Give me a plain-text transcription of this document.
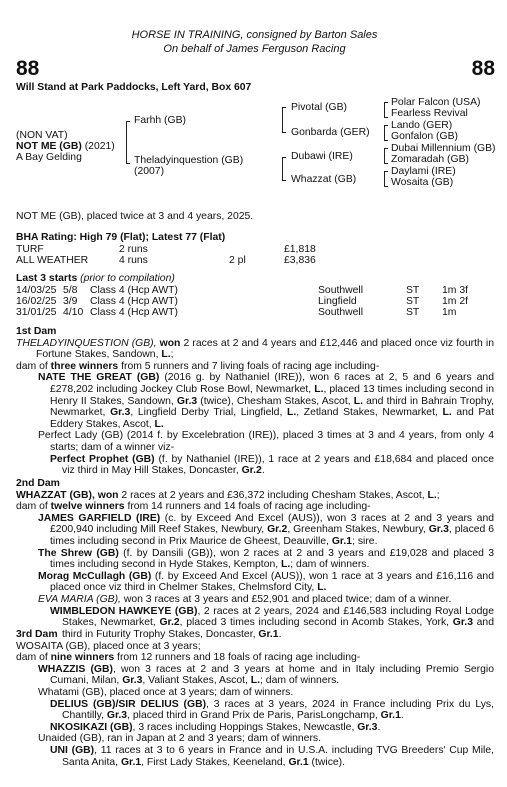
HORSE IN TRAINING, consigned by Barton Sales
On behalf of James Ferguson Racing
88	88
Will Stand at Park Paddocks, Left Yard, Box 607
(NON VAT)
NOT ME (GB) (2021)
A Bay Gelding
Farhh (GB)
Theladyinquestion (GB)
(2007)
Pivotal (GB)
Gonbarda (GER)
Dubawi (IRE)
Whazzat (GB)
Polar Falcon (USA)
Fearless Revival
Lando (GER)
Gonfalon (GB)
Dubai Millennium (GB)
Zomaradah (GB)
Daylami (IRE)
Wosaita (GB)
NOT ME (GB), placed twice at 3 and 4 years, 2025.
BHA Rating: High 79 (Flat); Latest 77 (Flat)
TURF	2 runs		£1,818
ALL WEATHER	4 runs	2 pl	£3,836
Last 3 starts (prior to compilation)
14/03/25	5/8	Class 4 (Hcp AWT)	Southwell	ST	1m 3f
16/02/25	3/9	Class 4 (Hcp AWT)	Lingfield	ST	1m 2f
31/01/25	4/10	Class 4 (Hcp AWT)	Southwell	ST	1m

1st Dam

THELADYINQUESTION (GB), won 2 races at 2 and 4 years and £12,446 and placed once viz fourth in Fortune Stakes, Sandown, L.;

dam of three winners from 5 runners and 7 living foals of racing age including-

NATE THE GREAT (GB) (2016 g. by Nathaniel (IRE)), won 6 races at 2, 5 and 6 years and £278,202 including Jockey Club Rose Bowl, Newmarket, L., placed 13 times including second in Henry II Stakes, Sandown, Gr.3 (twice), Chesham Stakes, Ascot, L. and third in Bahrain Trophy, Newmarket, Gr.3, Lingfield Derby Trial, Lingfield, L., Zetland Stakes, Newmarket, L. and Pat Eddery Stakes, Ascot, L.

Perfect Lady (GB) (2014 f. by Excelebration (IRE)), placed 3 times at 3 and 4 years, from only 4 starts; dam of a winner viz-

Perfect Prophet (GB) (f. by Nathaniel (IRE)), 1 race at 2 years and £18,684 and placed once viz third in May Hill Stakes, Doncaster, Gr.2.

2nd Dam

WHAZZAT (GB), won 2 races at 2 years and £36,372 including Chesham Stakes, Ascot, L.;

dam of twelve winners from 14 runners and 14 foals of racing age including-

JAMES GARFIELD (IRE) (c. by Exceed And Excel (AUS)), won 3 races at 2 and 3 years and £200,940 including Mill Reef Stakes, Newbury, Gr.2, Greenham Stakes, Newbury, Gr.3, placed 6 times including second in Prix Maurice de Gheest, Deauville, Gr.1; sire.

The Shrew (GB) (f. by Dansili (GB)), won 2 races at 2 and 3 years and £19,028 and placed 3 times including second in Hyde Stakes, Kempton, L.; dam of winners.

Morag McCullagh (GB) (f. by Exceed And Excel (AUS)), won 1 race at 3 years and £16,116 and placed once viz third in Chelmer Stakes, Chelmsford City, L.

EVA MARIA (GB), won 3 races at 3 years and £52,901 and placed twice; dam of a winner.

WIMBLEDON HAWKEYE (GB), 2 races at 2 years, 2024 and £146,583 including Royal Lodge Stakes, Newmarket, Gr.2, placed 3 times including second in Acomb Stakes, York, Gr.3 and third in Futurity Trophy Stakes, Doncaster, Gr.1.

3rd Dam

WOSAITA (GB), placed once at 3 years;

dam of nine winners from 12 runners and 18 foals of racing age including-

WHAZZIS (GB), won 3 races at 2 and 3 years at home and in Italy including Premio Sergio Cumani, Milan, Gr.3, Valiant Stakes, Ascot, L.; dam of winners.

Whatami (GB), placed once at 3 years; dam of winners.

DELIUS (GB)/SIR DELIUS (GB), 3 races at 3 years, 2024 in France including Prix du Lys, Chantilly, Gr.3, placed third in Grand Prix de Paris, ParisLongchamp, Gr.1.

NKOSIKAZI (GB), 3 races including Hoppings Stakes, Newcastle, Gr.3.

Unaided (GB), ran in Japan at 2 and 3 years; dam of winners.

UNI (GB), 11 races at 3 to 6 years in France and in U.S.A. including TVG Breeders' Cup Mile, Santa Anita, Gr.1, First Lady Stakes, Keeneland, Gr.1 (twice).
